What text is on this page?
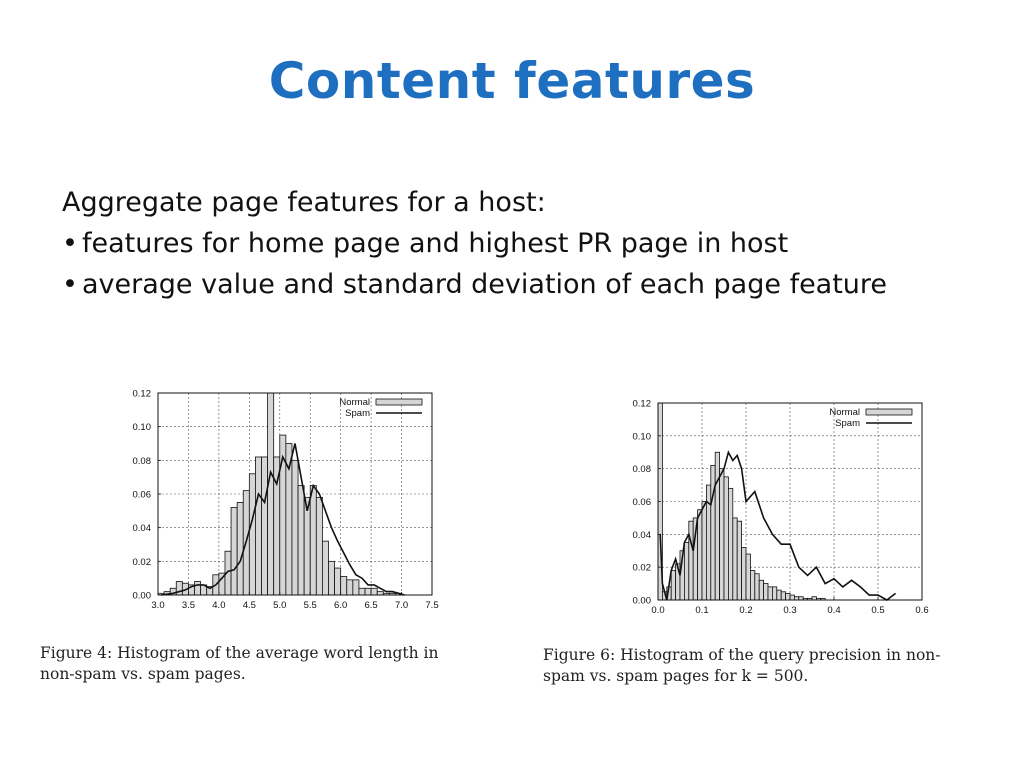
Content features
Aggregate page features for a host:
• features for home page and highest PR page in host
• average value and standard deviation of each page feature
3.0 3.5 4.0 4.5 5.0 5.5 6.0 6.5 7.0 7.5
0.00
0.02
0.04
0.06
0.08
0.10
0.12
Normal
Spam
0.0	0.1	0.2	0.3	0.4	0.5	0.6
0.00
0.02
0.04
0.06
0.08
0.10
0.12
Normal
Spam
Figure 4: Histogram of the average word length in
non-spam vs. spam pages.
Figure 6: Histogram of the query precision in non-
spam vs. spam pages for k = 500.
